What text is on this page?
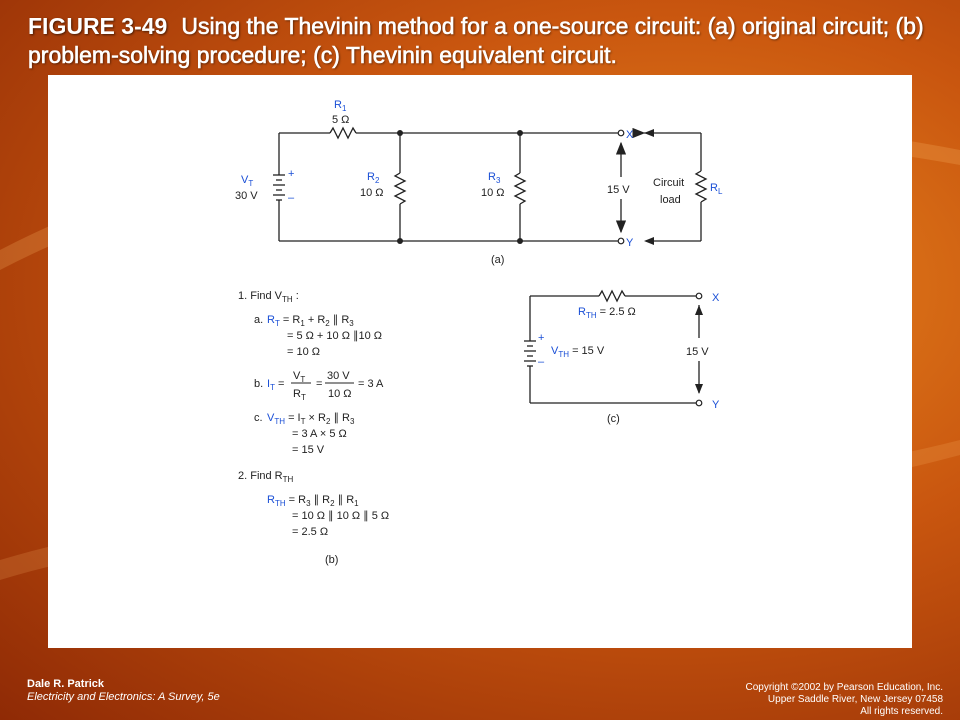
FIGURE 3-49 Using the Thevinin method for a one-source circuit: (a) original circuit; (b) problem-solving procedure; (c) Thevinin equivalent circuit.
$R_1$
5 Ω
$V_T$
30 V
+
–
$R_2$
10 Ω
$R_3$
10 Ω	15 V
X
Y
Circuit
load
$R_L$
(a)
1. Find $V_{TH}$ :
a. $R_T = R_1 + R_2$ ∥ $R_3$
= 5 Ω + 10 Ω ∥10 Ω
= 10 Ω
b. $I_T$ =
$V_T$
$R_T$
=
30 V
10 Ω
= 3 A
c. $V_{TH} = I_T \times R_2$ ∥ $R_3$
= 3 A × 5 Ω
= 15 V
2. Find $R_{TH}$
$R_{TH} = R_3$ ∥ $R_2$ ∥ $R_1$
= 10 Ω ∥ 10 Ω ∥ 5 Ω
= 2.5 Ω
(b)
$R_{TH} = 2.5$ Ω
$V_{TH} = 15$ V
+
–
15 V
X
Y
(c)
Dale R. Patrick
Electricity and Electronics: A Survey, 5e
Copyright ©2002 by Pearson Education, Inc.
Upper Saddle River, New Jersey 07458
All rights reserved.
